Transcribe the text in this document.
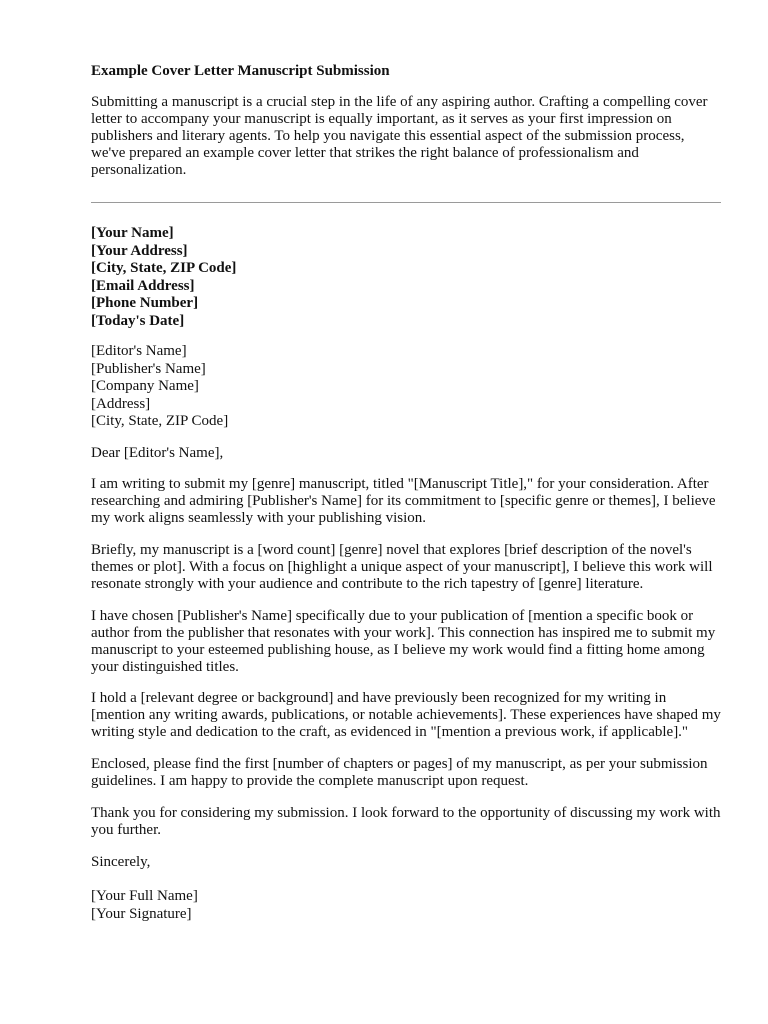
Example Cover Letter Manuscript Submission

Submitting a manuscript is a crucial step in the life of any aspiring author. Crafting a compelling cover letter to accompany your manuscript is equally important, as it serves as your first impression on publishers and literary agents. To help you navigate this essential aspect of the submission process, we've prepared an example cover letter that strikes the right balance of professionalism and personalization.

[Your Name]
[Your Address]
[City, State, ZIP Code]
[Email Address]
[Phone Number]
[Today's Date]
[Editor's Name]
[Publisher's Name]
[Company Name]
[Address]
[City, State, ZIP Code]

Dear [Editor's Name],

I am writing to submit my [genre] manuscript, titled "[Manuscript Title]," for your consideration. After researching and admiring [Publisher's Name] for its commitment to [specific genre or themes], I believe my work aligns seamlessly with your publishing vision.

Briefly, my manuscript is a [word count] [genre] novel that explores [brief description of the novel's themes or plot]. With a focus on [highlight a unique aspect of your manuscript], I believe this work will resonate strongly with your audience and contribute to the rich tapestry of [genre] literature.

I have chosen [Publisher's Name] specifically due to your publication of [mention a specific book or author from the publisher that resonates with your work]. This connection has inspired me to submit my manuscript to your esteemed publishing house, as I believe my work would find a fitting home among your distinguished titles.

I hold a [relevant degree or background] and have previously been recognized for my writing in [mention any writing awards, publications, or notable achievements]. These experiences have shaped my writing style and dedication to the craft, as evidenced in "[mention a previous work, if applicable]."

Enclosed, please find the first [number of chapters or pages] of my manuscript, as per your submission guidelines. I am happy to provide the complete manuscript upon request.

Thank you for considering my submission. I look forward to the opportunity of discussing my work with you further.

Sincerely,

[Your Full Name]
[Your Signature]
